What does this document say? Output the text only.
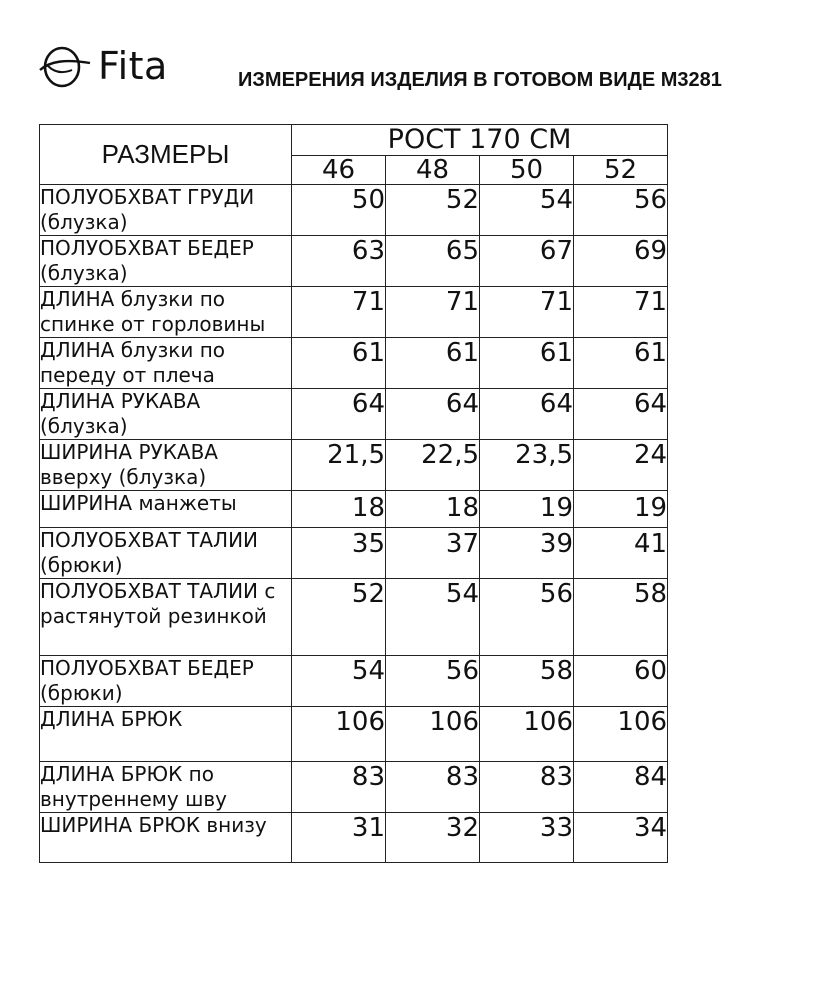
Fita	ИЗМЕРЕНИЯ ИЗДЕЛИЯ В ГОТОВОМ ВИДЕ М3281
РАЗМЕРЫ	РОСТ 170 СМ			
	46	48	50	52
ПОЛУОБХВАТ ГРУДИ (блузка)	50	52	54	56
ПОЛУОБХВАТ БЕДЕР (блузка)	63	65	67	69
ДЛИНА блузки по спинке от горловины	71	71	71	71
ДЛИНА блузки по переду от плеча	61	61	61	61
ДЛИНА РУКАВА (блузка)	64	64	64	64
ШИРИНА РУКАВА вверху (блузка)	21,5	22,5	23,5	24
ШИРИНА манжеты	18	18	19	19
ПОЛУОБХВАТ ТАЛИИ (брюки)	35	37	39	41
ПОЛУОБХВАТ ТАЛИИ с растянутой резинкой	52	54	56	58
ПОЛУОБХВАТ БЕДЕР (брюки)	54	56	58	60
ДЛИНА БРЮК	106	106	106	106
ДЛИНА БРЮК по внутреннему шву	83	83	83	84
ШИРИНА БРЮК внизу	31	32	33	34
